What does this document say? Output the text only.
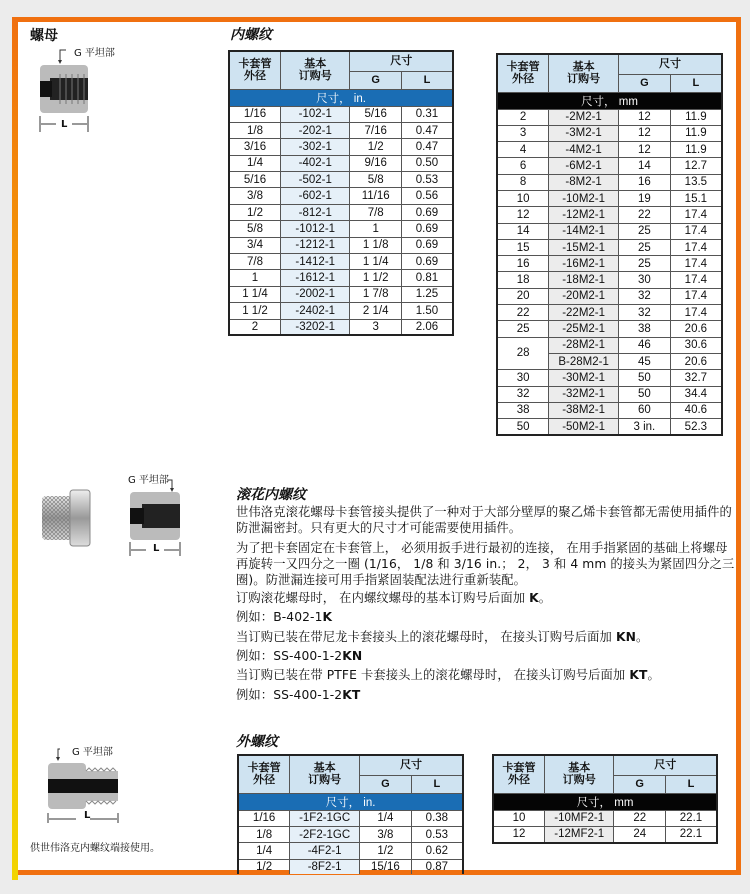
螺母	内螺纹
G 平坦部
L
卡套管
外径	基本
订购号	尺寸	
		G	L
尺寸， in.			
1/16	-102-1	5/16	0.31
1/8	-202-1	7/16	0.47
3/16	-302-1	1/2	0.47
1/4	-402-1	9/16	0.50
5/16	-502-1	5/8	0.53
3/8	-602-1	11/16	0.56
1/2	-812-1	7/8	0.69
5/8	-1012-1	1	0.69
3/4	-1212-1	1 1/8	0.69
7/8	-1412-1	1 1/4	0.69
1	-1612-1	1 1/2	0.81
1 1/4	-2002-1	1 7/8	1.25
1 1/2	-2402-1	2 1/4	1.50
2	-3202-1	3	2.06
卡套管
外径	基本
订购号	尺寸	
		G	L
尺寸， mm			
2	-2M2-1	12	11.9
3	-3M2-1	12	11.9
4	-4M2-1	12	11.9
6	-6M2-1	14	12.7
8	-8M2-1	16	13.5
10	-10M2-1	19	15.1
12	-12M2-1	22	17.4
14	-14M2-1	25	17.4
15	-15M2-1	25	17.4
16	-16M2-1	25	17.4
18	-18M2-1	30	17.4
20	-20M2-1	32	17.4
22	-22M2-1	32	17.4
25	-25M2-1	38	20.6
28	-28M2-1	46	30.6
	B-28M2-1	45	20.6
30	-30M2-1	50	32.7
32	-32M2-1	50	34.4
38	-38M2-1	60	40.6
50	-50M2-1	3 in.	52.3
G 平坦部
L
滚花内螺纹
世伟洛克滚花螺母卡套管接头提供了一种对于大部分壁厚的聚乙烯卡套管都无需使用插件的防泄漏密封。只有更大的尺寸才可能需要使用插件。
为了把卡套固定在卡套管上， 必须用扳手进行最初的连接， 在用手指紧固的基础上将螺母再旋转一又四分之一圈 (1/16， 1/8 和 3/16 in.； 2， 3 和 4 mm 的接头为紧固四分之三圈)。防泄漏连接可用手指紧固装配法进行重新装配。
订购滚花螺母时， 在内螺纹螺母的基本订购号后面加 K。
例如：B-402-1K
当订购已装在带尼龙卡套接头上的滚花螺母时， 在接头订购号后面加 KN。
例如：SS-400-1-2KN
当订购已装在带 PTFE 卡套接头上的滚花螺母时， 在接头订购号后面加 KT。
例如：SS-400-1-2KT
外螺纹
G 平坦部
L
供世伟洛克内螺纹端接使用。
卡套管
外径	基本
订购号	尺寸	
		G	L
尺寸， in.			
1/16	-1F2-1GC	1/4	0.38
1/8	-2F2-1GC	3/8	0.53
1/4	-4F2-1	1/2	0.62
1/2	-8F2-1	15/16	0.87
卡套管
外径	基本
订购号	尺寸	
		G	L
尺寸， mm			
10	-10MF2-1	22	22.1
12	-12MF2-1	24	22.1
